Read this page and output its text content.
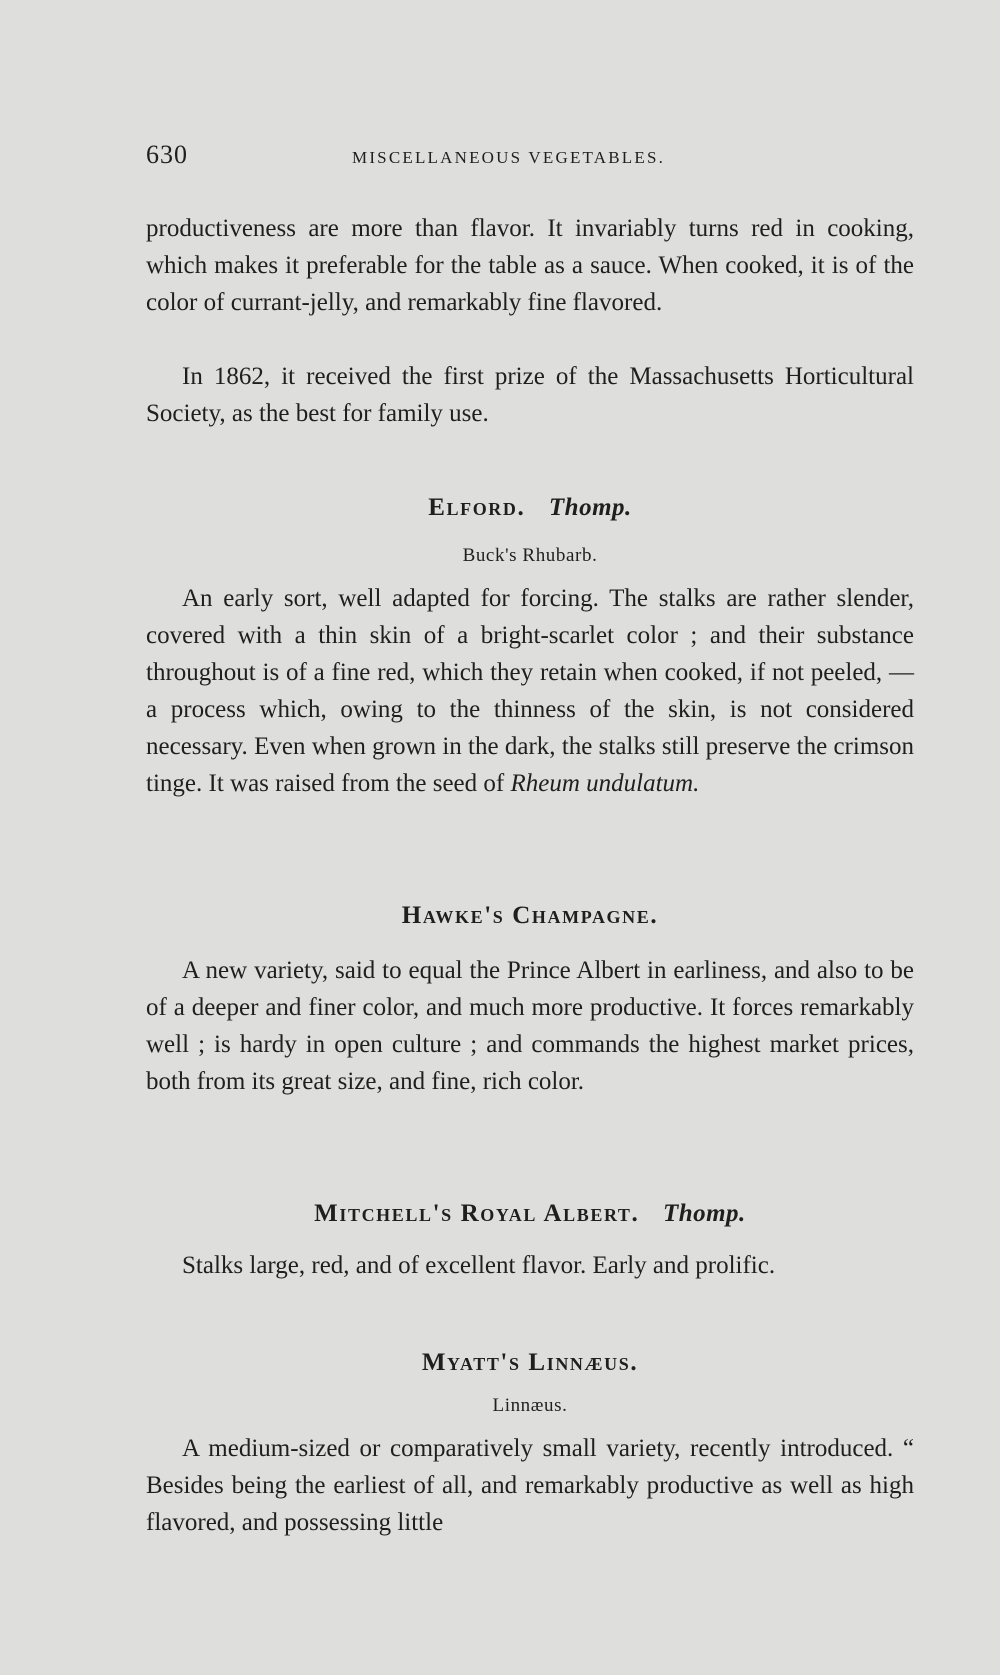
630	MISCELLANEOUS VEGETABLES.

productiveness are more than flavor. It invariably turns red in cooking, which makes it preferable for the table as a sauce. When cooked, it is of the color of currant-jelly, and remarkably fine flavored.

In 1862, it received the first prize of the Massachusetts Horticultural Society, as the best for family use.

Elford. Thomp.

Buck's Rhubarb.

An early sort, well adapted for forcing. The stalks are rather slender, covered with a thin skin of a bright-scarlet color ; and their substance throughout is of a fine red, which they retain when cooked, if not peeled, — a process which, owing to the thinness of the skin, is not considered necessary. Even when grown in the dark, the stalks still preserve the crimson tinge. It was raised from the seed of Rheum undulatum.

Hawke's Champagne.

A new variety, said to equal the Prince Albert in earliness, and also to be of a deeper and finer color, and much more productive. It forces remarkably well ; is hardy in open culture ; and commands the highest market prices, both from its great size, and fine, rich color.

Mitchell's Royal Albert. Thomp.

Stalks large, red, and of excellent flavor. Early and prolific.

Myatt's Linnæus.

Linnæus.

A medium-sized or comparatively small variety, recently introduced. “ Besides being the earliest of all, and remarkably productive as well as high flavored, and possessing little
